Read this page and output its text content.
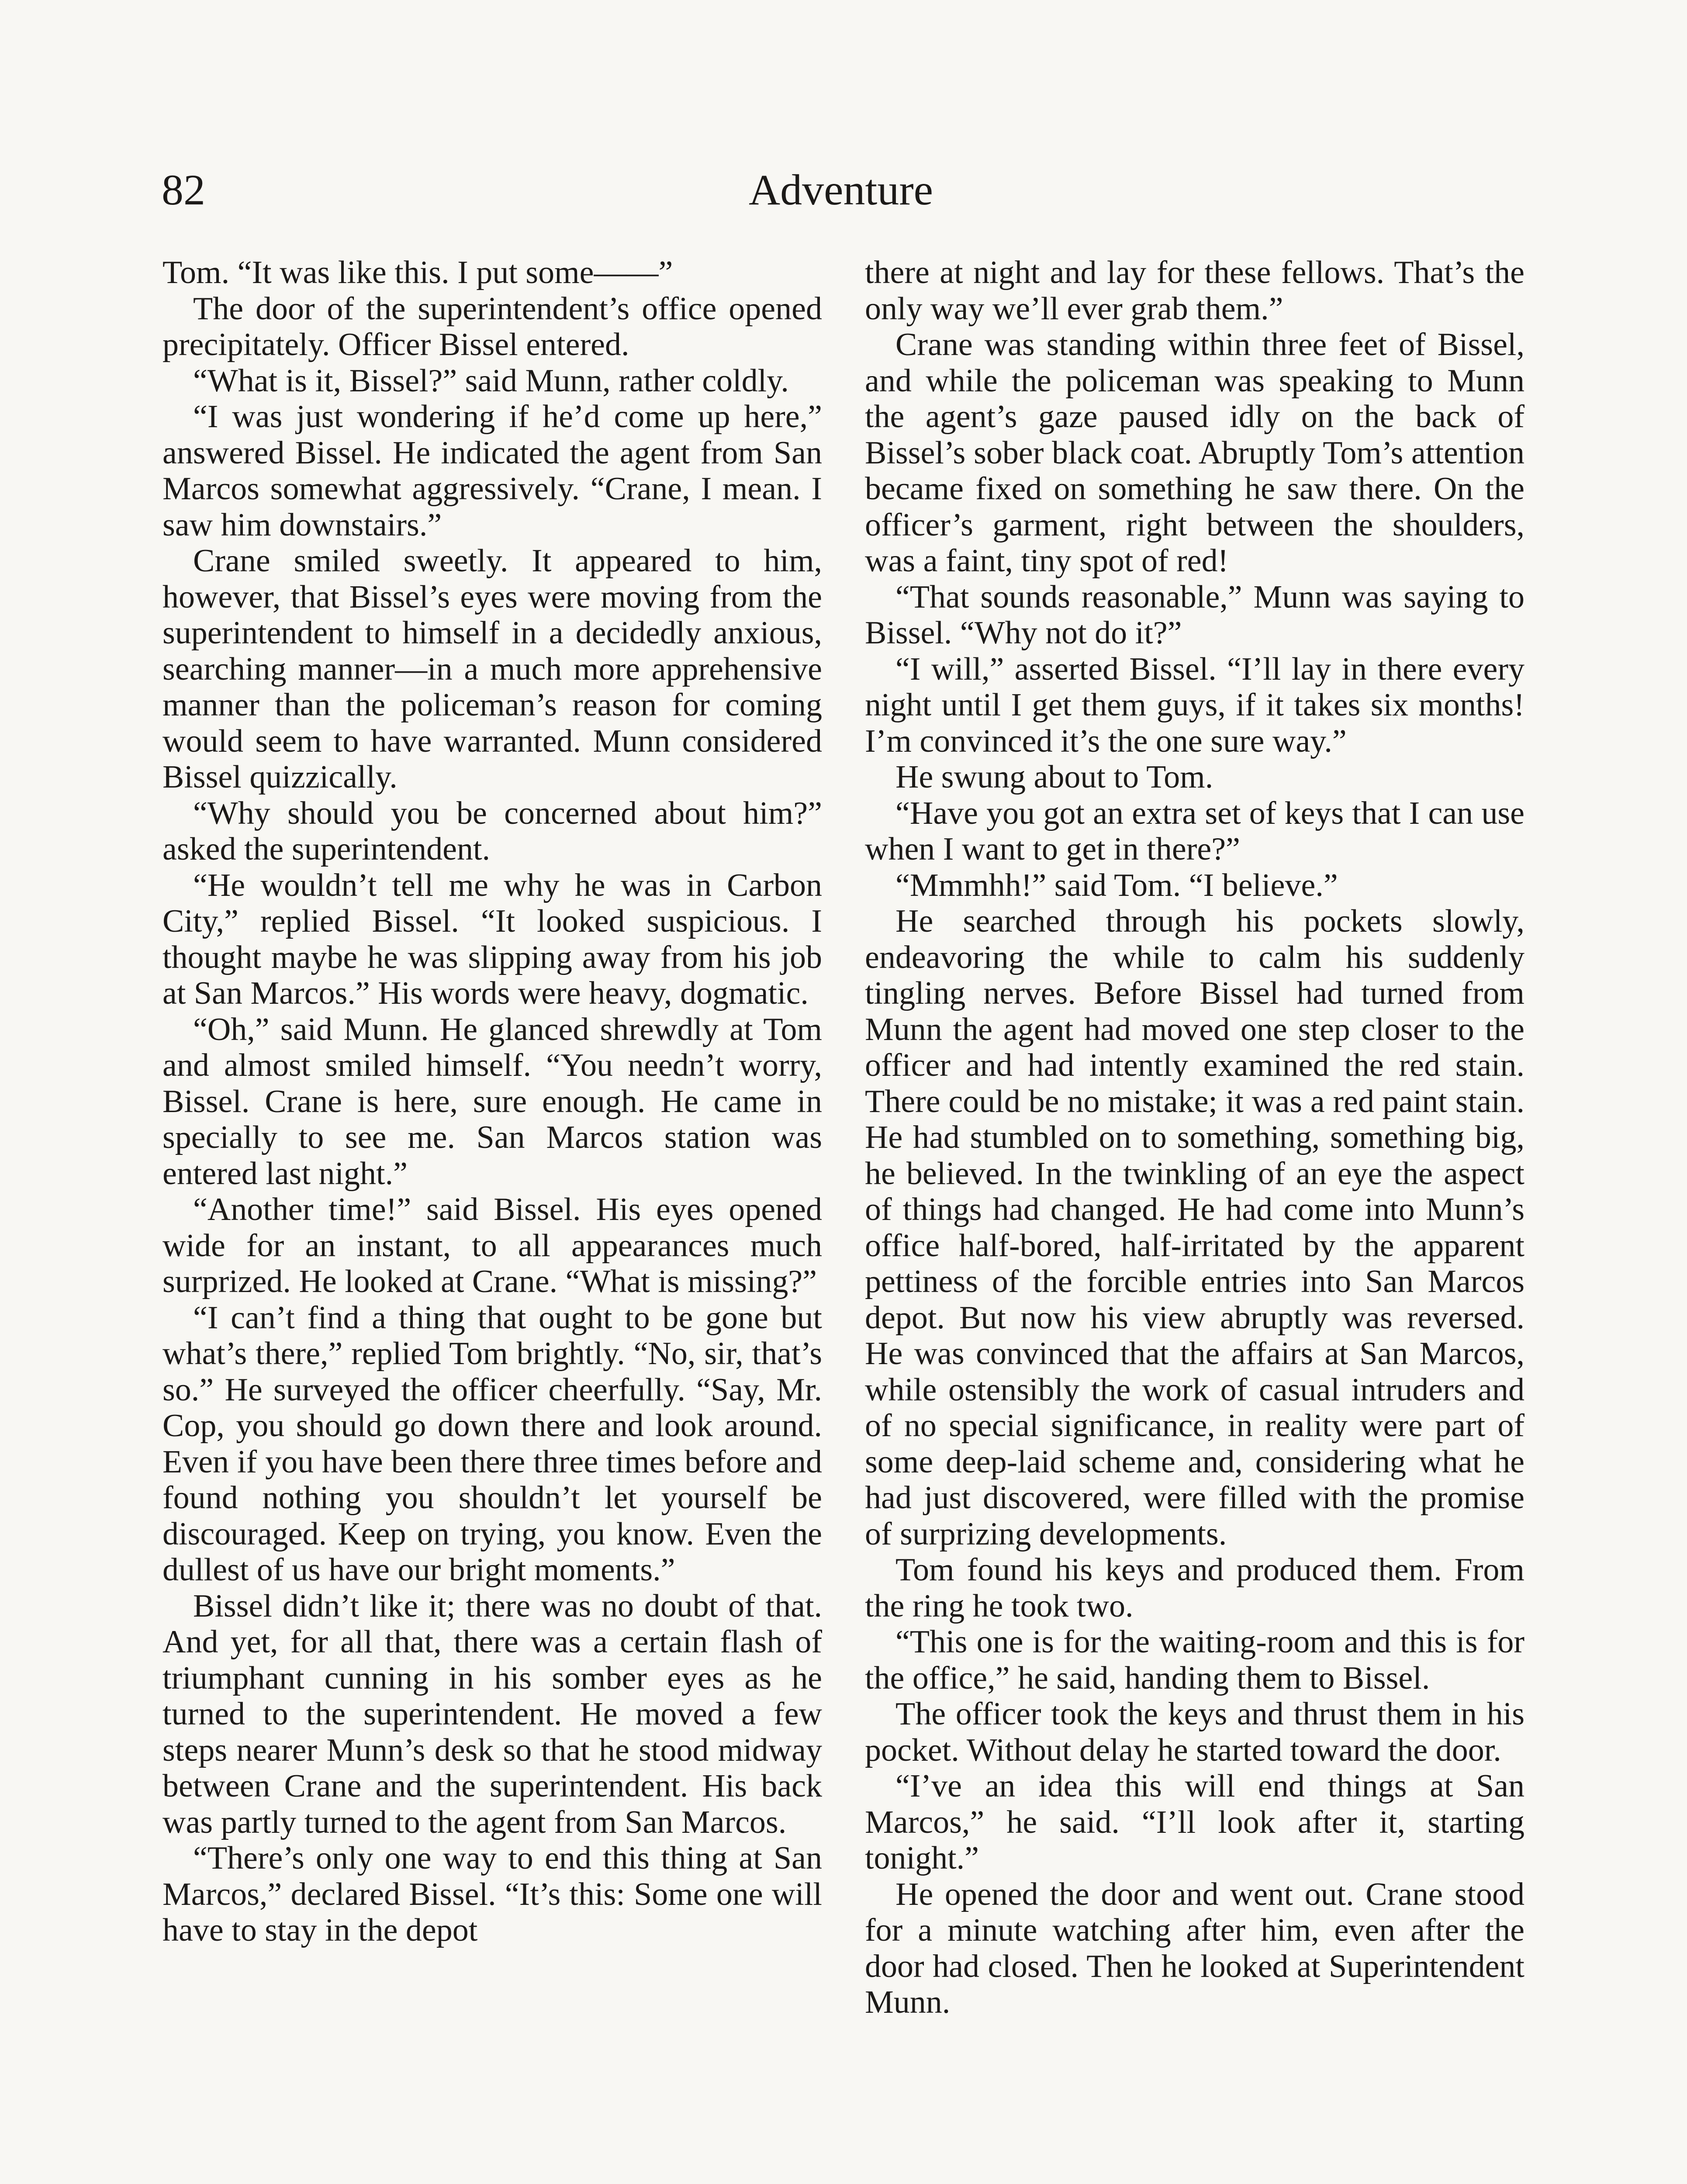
82	Adventure

Tom. “It was like this. I put some——”

The door of the superintendent’s office opened precipitately. Officer Bissel entered.

“What is it, Bissel?” said Munn, rather coldly.

“I was just wondering if he’d come up here,” answered Bissel. He indicated the agent from San Marcos somewhat aggressively. “Crane, I mean. I saw him downstairs.”

Crane smiled sweetly. It appeared to him, however, that Bissel’s eyes were moving from the superintendent to himself in a decidedly anxious, searching manner—in a much more apprehensive manner than the policeman’s reason for coming would seem to have warranted. Munn considered Bissel quizzically.

“Why should you be concerned about him?” asked the superintendent.

“He wouldn’t tell me why he was in Carbon City,” replied Bissel. “It looked suspicious. I thought maybe he was slipping away from his job at San Marcos.” His words were heavy, dogmatic.

“Oh,” said Munn. He glanced shrewdly at Tom and almost smiled himself. “You needn’t worry, Bissel. Crane is here, sure enough. He came in specially to see me. San Marcos station was entered last night.”

“Another time!” said Bissel. His eyes opened wide for an instant, to all appearances much surprized. He looked at Crane. “What is missing?”

“I can’t find a thing that ought to be gone but what’s there,” replied Tom brightly. “No, sir, that’s so.” He surveyed the officer cheerfully. “Say, Mr. Cop, you should go down there and look around. Even if you have been there three times before and found nothing you shouldn’t let yourself be discouraged. Keep on trying, you know. Even the dullest of us have our bright moments.”

Bissel didn’t like it; there was no doubt of that. And yet, for all that, there was a certain flash of triumphant cunning in his somber eyes as he turned to the superintendent. He moved a few steps nearer Munn’s desk so that he stood midway between Crane and the superintendent. His back was partly turned to the agent from San Marcos.

“There’s only one way to end this thing at San Marcos,” declared Bissel. “It’s this: Some one will have to stay in the depot

there at night and lay for these fellows. That’s the only way we’ll ever grab them.”

Crane was standing within three feet of Bissel, and while the policeman was speaking to Munn the agent’s gaze paused idly on the back of Bissel’s sober black coat. Abruptly Tom’s attention became fixed on something he saw there. On the officer’s garment, right between the shoulders, was a faint, tiny spot of red!

“That sounds reasonable,” Munn was saying to Bissel. “Why not do it?”

“I will,” asserted Bissel. “I’ll lay in there every night until I get them guys, if it takes six months! I’m convinced it’s the one sure way.”

He swung about to Tom.

“Have you got an extra set of keys that I can use when I want to get in there?”

“Mmmhh!” said Tom. “I believe.”

He searched through his pockets slowly, endeavoring the while to calm his suddenly tingling nerves. Before Bissel had turned from Munn the agent had moved one step closer to the officer and had intently examined the red stain. There could be no mistake; it was a red paint stain. He had stumbled on to something, something big, he believed. In the twinkling of an eye the aspect of things had changed. He had come into Munn’s office half-bored, half-irritated by the apparent pettiness of the forcible entries into San Marcos depot. But now his view abruptly was reversed. He was convinced that the affairs at San Marcos, while ostensibly the work of casual intruders and of no special significance, in reality were part of some deep-laid scheme and, considering what he had just discovered, were filled with the promise of surprizing developments.

Tom found his keys and produced them. From the ring he took two.

“This one is for the waiting-room and this is for the office,” he said, handing them to Bissel.

The officer took the keys and thrust them in his pocket. Without delay he started toward the door.

“I’ve an idea this will end things at San Marcos,” he said. “I’ll look after it, starting tonight.”

He opened the door and went out. Crane stood for a minute watching after him, even after the door had closed. Then he looked at Superintendent Munn.
